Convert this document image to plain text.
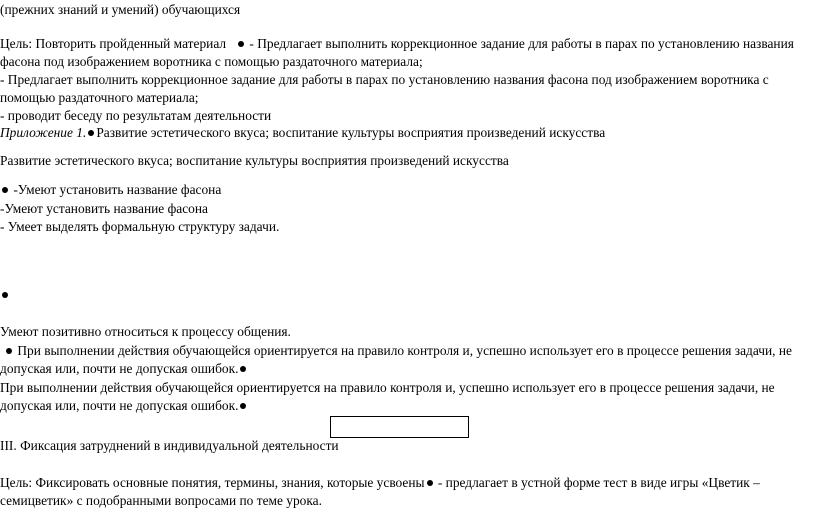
(прежних знаний и умений) обучающихся
Цель: Повторить пройденный материал - Предлагает выполнить коррекционное задание для работы в парах по установлению названия
фасона под изображением воротника с помощью раздаточного материала;
- Предлагает выполнить коррекционное задание для работы в парах по установлению названия фасона под изображением воротника с
помощью раздаточного материала;
- проводит беседу по результатам деятельности
Приложение 1. Развитие эстетического вкуса; воспитание культуры восприятия произведений искусства
Развитие эстетического вкуса; воспитание культуры восприятия произведений искусства
-Умеют установить название фасона
-Умеют установить название фасона
- Умеет выделять формальную структуру задачи.
Умеют позитивно относиться к процессу общения.
При выполнении действия обучающейся ориентируется на правило контроля и, успешно использует его в процессе решения задачи, не
допуская или, почти не допуская ошибок.
При выполнении действия обучающейся ориентируется на правило контроля и, успешно использует его в процессе решения задачи, не
допуская или, почти не допуская ошибок.
III. Фиксация затруднений в индивидуальной деятельности
Цель: Фиксировать основные понятия, термины, знания, которые усвоены - предлагает в устной форме тест в виде игры «Цветик –
семицветик» с подобранными вопросами по теме урока.
